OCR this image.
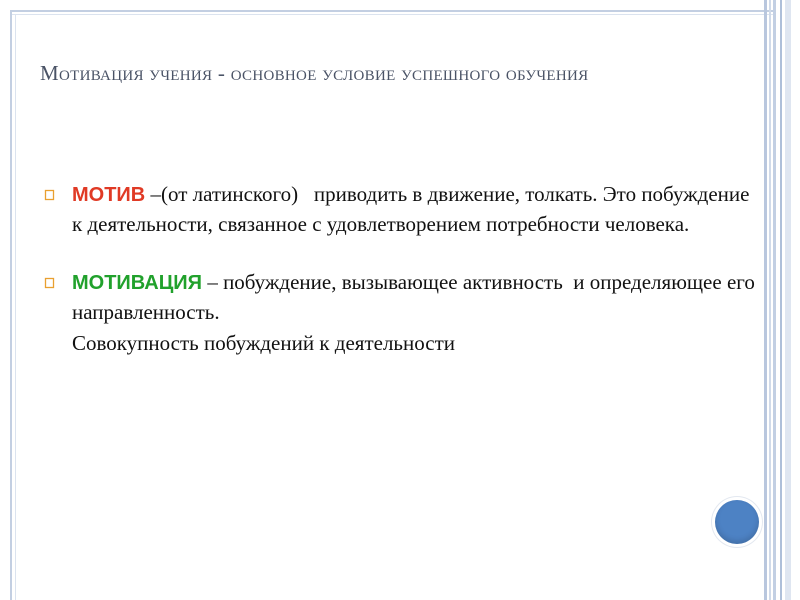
Мотивация учения - основное условие успешного обучения
МОТИВ –(от латинского)   приводить в движение, толкать. Это побуждение к деятельности, связанное с удовлетворением потребности человека.
МОТИВАЦИЯ – побуждение, вызывающее активность  и определяющее его направленность.
Совокупность побуждений к деятельности
